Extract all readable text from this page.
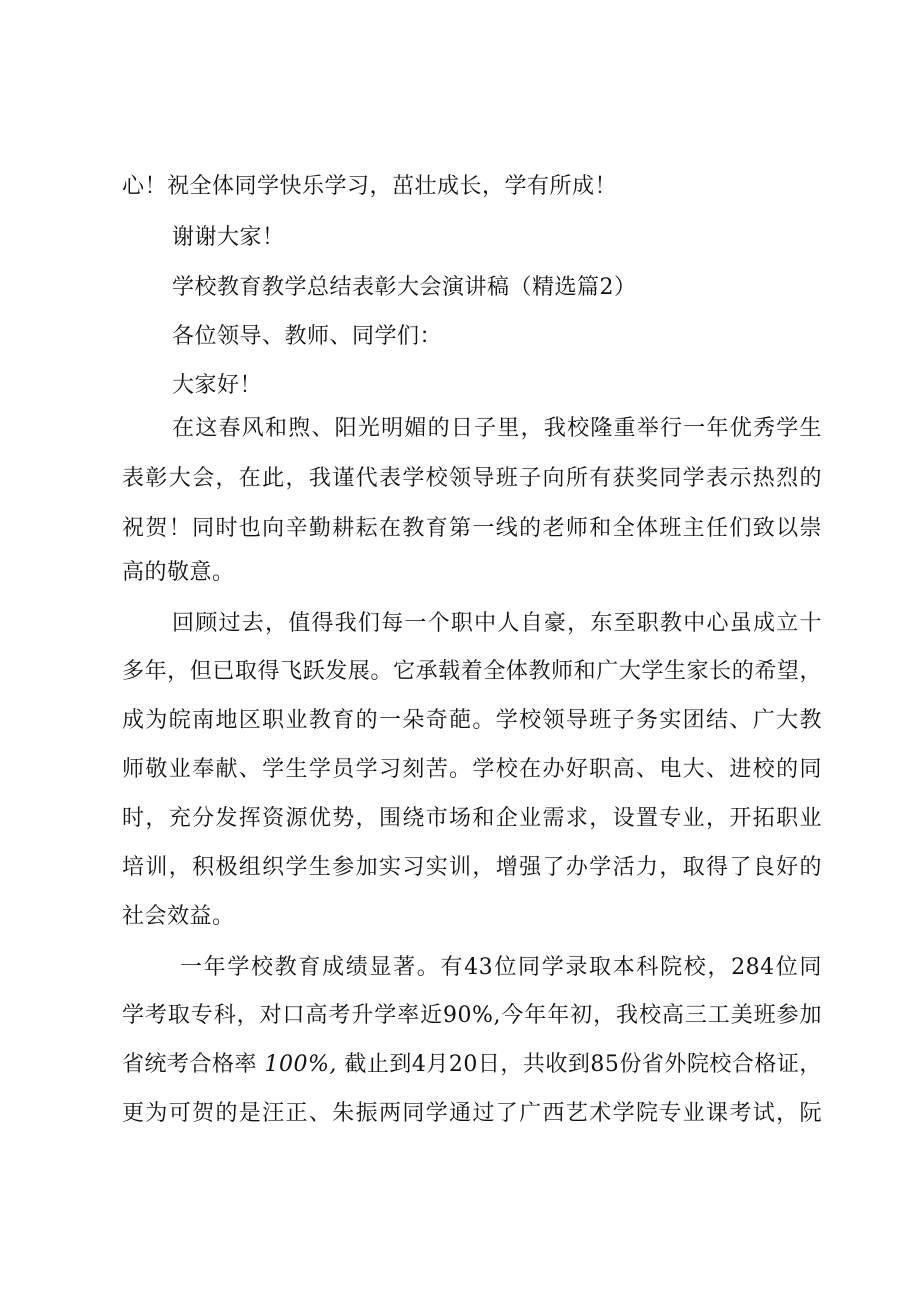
心！祝全体同学快乐学习，茁壮成长，学有所成！
谢谢大家！
学校教育教学总结表彰大会演讲稿（精选篇2）
各位领导、教师、同学们：
大家好！
在这春风和煦、阳光明媚的日子里，我校隆重举行一年优秀学生
表彰大会，在此，我谨代表学校领导班子向所有获奖同学表示热烈的
祝贺！同时也向辛勤耕耘在教育第一线的老师和全体班主任们致以崇
高的敬意。
回顾过去，值得我们每一个职中人自豪，东至职教中心虽成立十
多年，但已取得飞跃发展。它承载着全体教师和广大学生家长的希望，
成为皖南地区职业教育的一朵奇葩。学校领导班子务实团结、广大教
师敬业奉献、学生学员学习刻苦。学校在办好职高、电大、进校的同
时，充分发挥资源优势，围绕市场和企业需求，设置专业，开拓职业
培训，积极组织学生参加实习实训，增强了办学活力，取得了良好的
社会效益。
一年学校教育成绩显著。有43位同学录取本科院校，284位同
学考取专科，对口高考升学率近90%,今年年初，我校高三工美班参加
省统考合格率 100%, 截止到4月20日，共收到85份省外院校合格证，
更为可贺的是汪正、朱振两同学通过了广西艺术学院专业课考试，阮
